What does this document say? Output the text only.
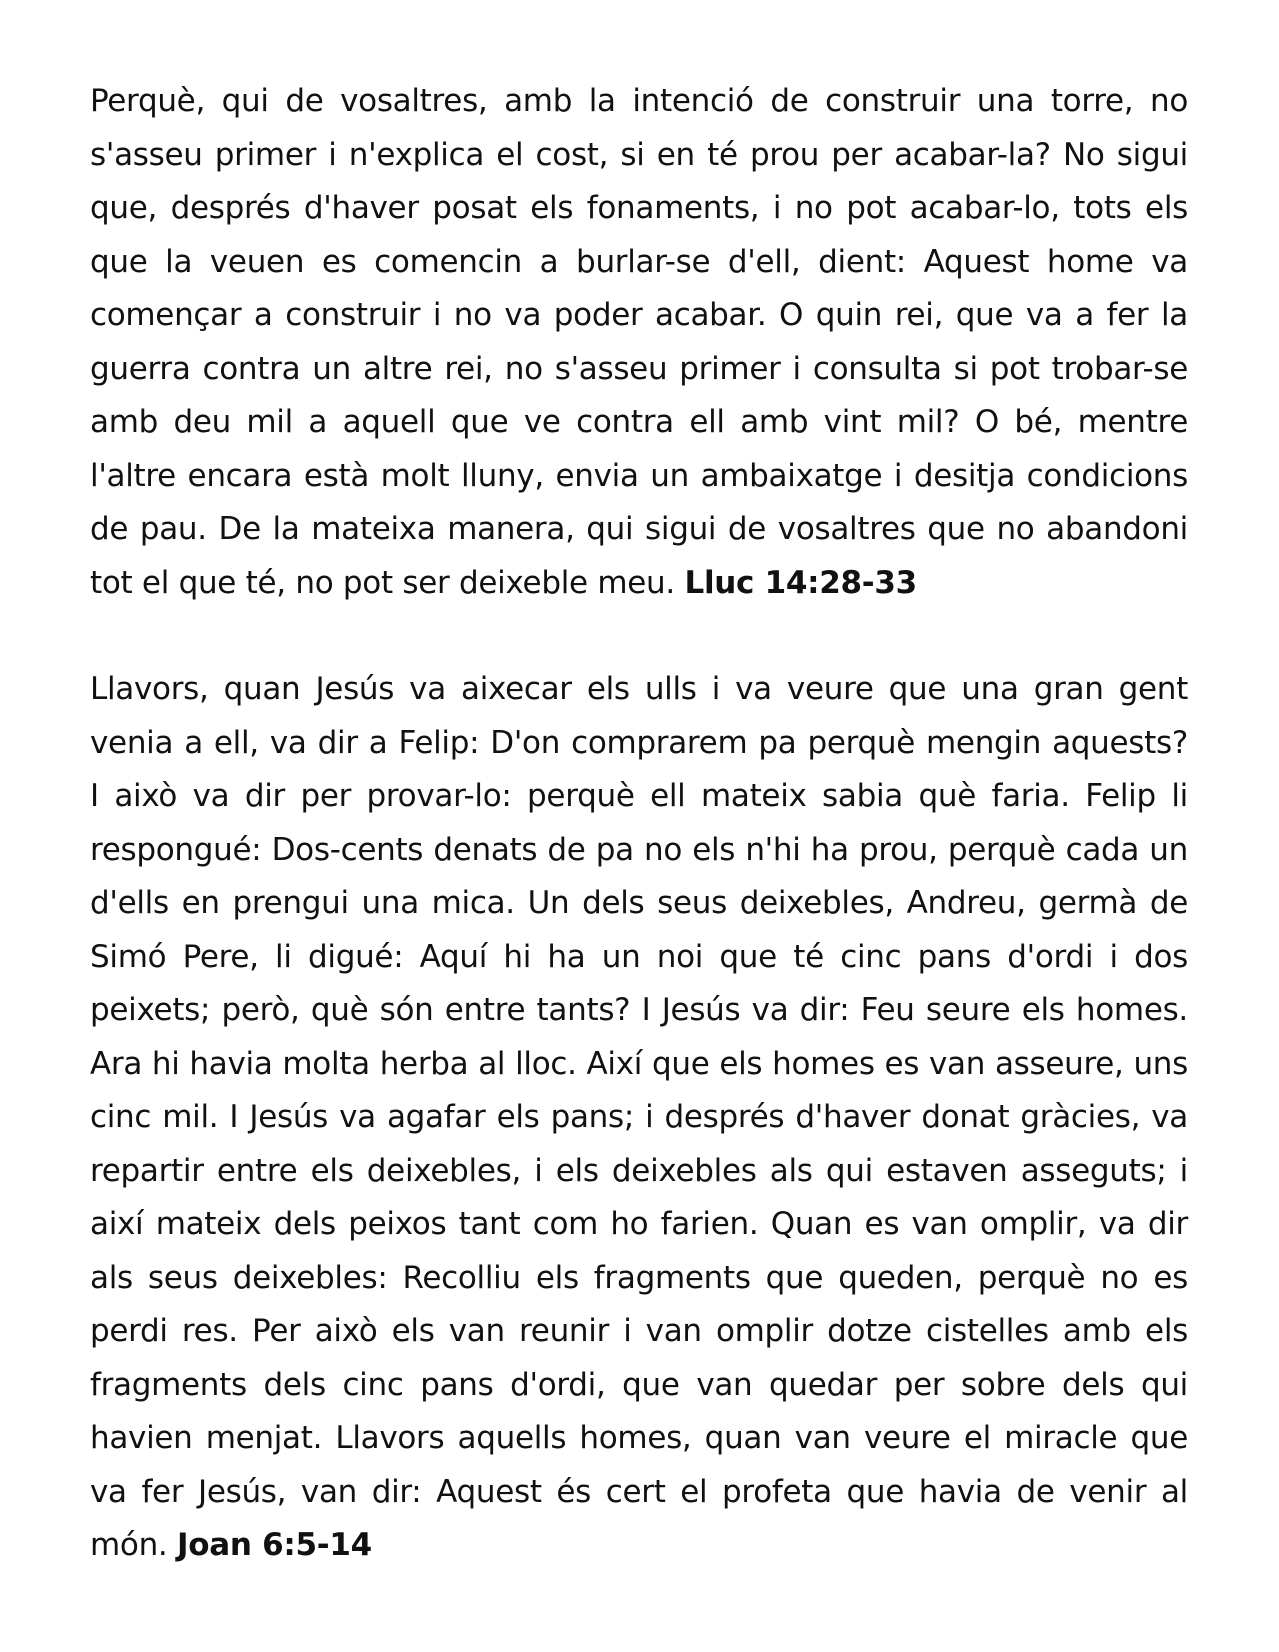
Perquè, qui de vosaltres, amb la intenció de construir una torre, no s'asseu primer i n'explica el cost, si en té prou per acabar-la? No sigui que, després d'haver posat els fonaments, i no pot acabar-lo, tots els que la veuen es comencin a burlar-se d'ell, dient: Aquest home va començar a construir i no va poder acabar. O quin rei, que va a fer la guerra contra un altre rei, no s'asseu primer i consulta si pot trobar-se amb deu mil a aquell que ve contra ell amb vint mil? O bé, mentre l'altre encara està molt lluny, envia un ambaixatge i desitja condicions de pau. De la mateixa manera, qui sigui de vosaltres que no abandoni tot el que té, no pot ser deixeble meu. Lluc 14:28-33

Llavors, quan Jesús va aixecar els ulls i va veure que una gran gent venia a ell, va dir a Felip: D'on comprarem pa perquè mengin aquests? I això va dir per provar-lo: perquè ell mateix sabia què faria. Felip li respongué: Dos-cents denats de pa no els n'hi ha prou, perquè cada un d'ells en prengui una mica. Un dels seus deixebles, Andreu, germà de Simó Pere, li digué: Aquí hi ha un noi que té cinc pans d'ordi i dos peixets; però, què són entre tants? I Jesús va dir: Feu seure els homes. Ara hi havia molta herba al lloc. Així que els homes es van asseure, uns cinc mil. I Jesús va agafar els pans; i després d'haver donat gràcies, va repartir entre els deixebles, i els deixebles als qui estaven asseguts; i així mateix dels peixos tant com ho farien. Quan es van omplir, va dir als seus deixebles: Recolliu els fragments que queden, perquè no es perdi res. Per això els van reunir i van omplir dotze cistelles amb els fragments dels cinc pans d'ordi, que van quedar per sobre dels qui havien menjat. Llavors aquells homes, quan van veure el miracle que va fer Jesús, van dir: Aquest és cert el profeta que havia de venir al món. Joan 6:5-14
